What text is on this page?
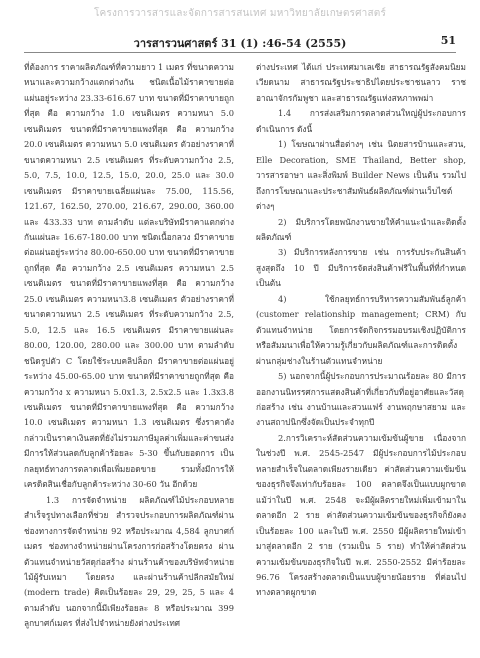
โครงการวารสารและจัดการสารสนเทศ มหาวิทยาลัยเกษตรศาสตร์
วารสารวนศาสตร์ 31 (1) :46-54 (2555)	51

ที่ต้องการ ราคาผลิตภัณฑ์ที่ความยาว 1 เมตร ที่ขนาดความหนาและความกว้างแตกต่างกัน ชนิดเนื้อไม้ราคาขายต่อแผ่นอยู่ระหว่าง 23.33-616.67 บาท ขนาดที่มีราคาขายถูกที่สุด คือ ความกว้าง 1.0 เซนติเมตร ความหนา 5.0 เซนติเมตร ขนาดที่มีราคาขายแพงที่สุด คือ ความกว้าง 20.0 เซนติเมตร ความหนา 5.0 เซนติเมตร ตัวอย่างราคาที่ขนาดความหนา 2.5 เซนติเมตร ที่ระดับความกว้าง 2.5, 5.0, 7.5, 10.0, 12.5, 15.0, 20.0, 25.0 และ 30.0 เซนติเมตร มีราคาขายเฉลี่ยแผ่นละ 75.00, 115.56, 121.67, 162.50, 270.00, 216.67, 290.00, 360.00 และ 433.33 บาท ตามลำดับ แต่ละบริษัทมีราคาแตกต่างกันแผ่นละ 16.67-180.00 บาท ชนิดเนื้อกลวง มีราคาขายต่อแผ่นอยู่ระหว่าง 80.00-650.00 บาท ขนาดที่มีราคาขายถูกที่สุด คือ ความกว้าง 2.5 เซนติเมตร ความหนา 2.5 เซนติเมตร ขนาดที่มีราคาขายแพงที่สุด คือ ความกว้าง 25.0 เซนติเมตร ความหนา3.8 เซนติเมตร ตัวอย่างราคาที่ขนาดความหนา 2.5 เซนติเมตร ที่ระดับความกว้าง 2.5, 5.0, 12.5 และ 16.5 เซนติเมตร มีราคาขายแผ่นละ 80.00, 120.00, 280.00 และ 300.00 บาท ตามลำดับ ชนิดรูปตัว C โดยใช้ระบบคลิปล็อก มีราคาขายต่อแผ่นอยู่ระหว่าง 45.00-65.00 บาท ขนาดที่มีราคาขายถูกที่สุด คือ ความกว้าง x ความหนา 5.0x1.3, 2.5x2.5 และ 1.3x3.8 เซนติเมตร ขนาดที่มีราคาขายแพงที่สุด คือ ความกว้าง 10.0 เซนติเมตร ความหนา 1.3 เซนติเมตร ซึ่งราคาดังกล่าวเป็นราคาเงินสดที่ยังไม่รวมภาษีมูลค่าเพิ่มและค่าขนส่ง มีการให้ส่วนลดกับลูกค้าร้อยละ 5-30 ขึ้นกับยอดการ เป็นกลยุทธ์ทางการตลาดเพื่อเพิ่มยอดขาย รวมทั้งมีการให้เครดิตสินเชื่อกับลูกค้าระหว่าง 30-60 วัน อีกด้วย

1.3 การจัดจำหน่าย ผลิตภัณฑ์ไม้ประกอบหลายสำเร็จรูปทางเลือกที่ช่วย สำรวจประกอบการผลิตภัณฑ์ผ่านช่องทางการจัดจำหน่าย 92 หรือประมาณ 4,584 ลูกบาศก์เมตร ช่องทางจำหน่ายผ่านโครงการก่อสร้างโดยตรง ผ่านตัวแทนจำหน่ายวัสดุก่อสร้าง ผ่านร้านค้าของบริษัทจำหน่ายไม้ผู้รับเหมา โดยตรง และผ่านร้านค้าปลีกสมัยใหม่ (modern trade) คิดเป็นร้อยละ 29, 29, 25, 5 และ 4 ตามลำดับ นอกจากนี้มีเพียงร้อยละ 8 หรือประมาณ 399 ลูกบาศก์เมตร ที่ส่งไปจำหน่ายยังต่างประเทศ

ต่างประเทศ ได้แก่ ประเทศมาเลเซีย สาธารณรัฐสังคมนิยมเวียดนาม สาธารณรัฐประชาธิปไตยประชาชนลาว ราชอาณาจักรกัมพูชา และสาธารณรัฐแห่งสหภาพพม่า

1.4 การส่งเสริมการตลาดส่วนใหญ่ผู้ประกอบการดำเนินการ ดังนี้

1) โฆษณาผ่านสื่อต่างๆ เช่น นิตยสารบ้านและสวน, Elle Decoration, SME Thailand, Better shop, วารสารอาษา และสิ่งพิมพ์ Builder News เป็นต้น รวมไปถึงการโฆษณาและประชาสัมพันธ์ผลิตภัณฑ์ผ่านเว็บไซต์ต่างๆ

2) มีบริการโดยพนักงานขายให้คำแนะนำและติดตั้งผลิตภัณฑ์

3) มีบริการหลังการขาย เช่น การรับประกันสินค้าสูงสุดถึง 10 ปี มีบริการจัดส่งสินค้าฟรีในพื้นที่ที่กำหนด เป็นต้น

4) ใช้กลยุทธ์การบริหารความสัมพันธ์ลูกค้า (customer relationship management; CRM) กับตัวแทนจำหน่าย โดยการจัดกิจกรรมอบรมเชิงปฏิบัติการหรือสัมมนาเพื่อให้ความรู้เกี่ยวกับผลิตภัณฑ์และการติดตั้งผ่านกลุ่มช่างในร้านตัวแทนจำหน่าย

5) นอกจากนี้ผู้ประกอบการประมาณร้อยละ 80 มีการออกงานนิทรรศการแสดงสินค้าที่เกี่ยวกับที่อยู่อาศัยและวัสดุก่อสร้าง เช่น งานบ้านและสวนแฟร์ งานพฤกษาสยาม และงานสถาปนิกซึ่งจัดเป็นประจำทุกปี

2.การวิเคราะห์สัดส่วนความเข้มข้นผู้ขาย เนื่องจากในช่วงปี พ.ศ. 2545-2547 มีผู้ประกอบการไม้ประกอบหลายสำเร็จในตลาดเพียงรายเดียว ค่าสัดส่วนความเข้มข้นของธุรกิจจึงเท่ากับร้อยละ 100 ตลาดจึงเป็นแบบผูกขาด แม้ว่าในปี พ.ศ. 2548 จะมีผู้ผลิตรายใหม่เพิ่มเข้ามาในตลาดอีก 2 ราย ค่าสัดส่วนความเข้มข้นของธุรกิจก็ยังคงเป็นร้อยละ 100 และในปี พ.ศ. 2550 มีผู้ผลิตรายใหม่เข้ามาสู่ตลาดอีก 2 ราย (รวมเป็น 5 ราย) ทำให้ค่าสัดส่วนความเข้มข้นของธุรกิจในปี พ.ศ. 2550-2552 มีค่าร้อยละ 96.76 โครงสร้างตลาดเป็นแบบผู้ขายน้อยราย ที่ค่อนไปทางตลาดผูกขาด
